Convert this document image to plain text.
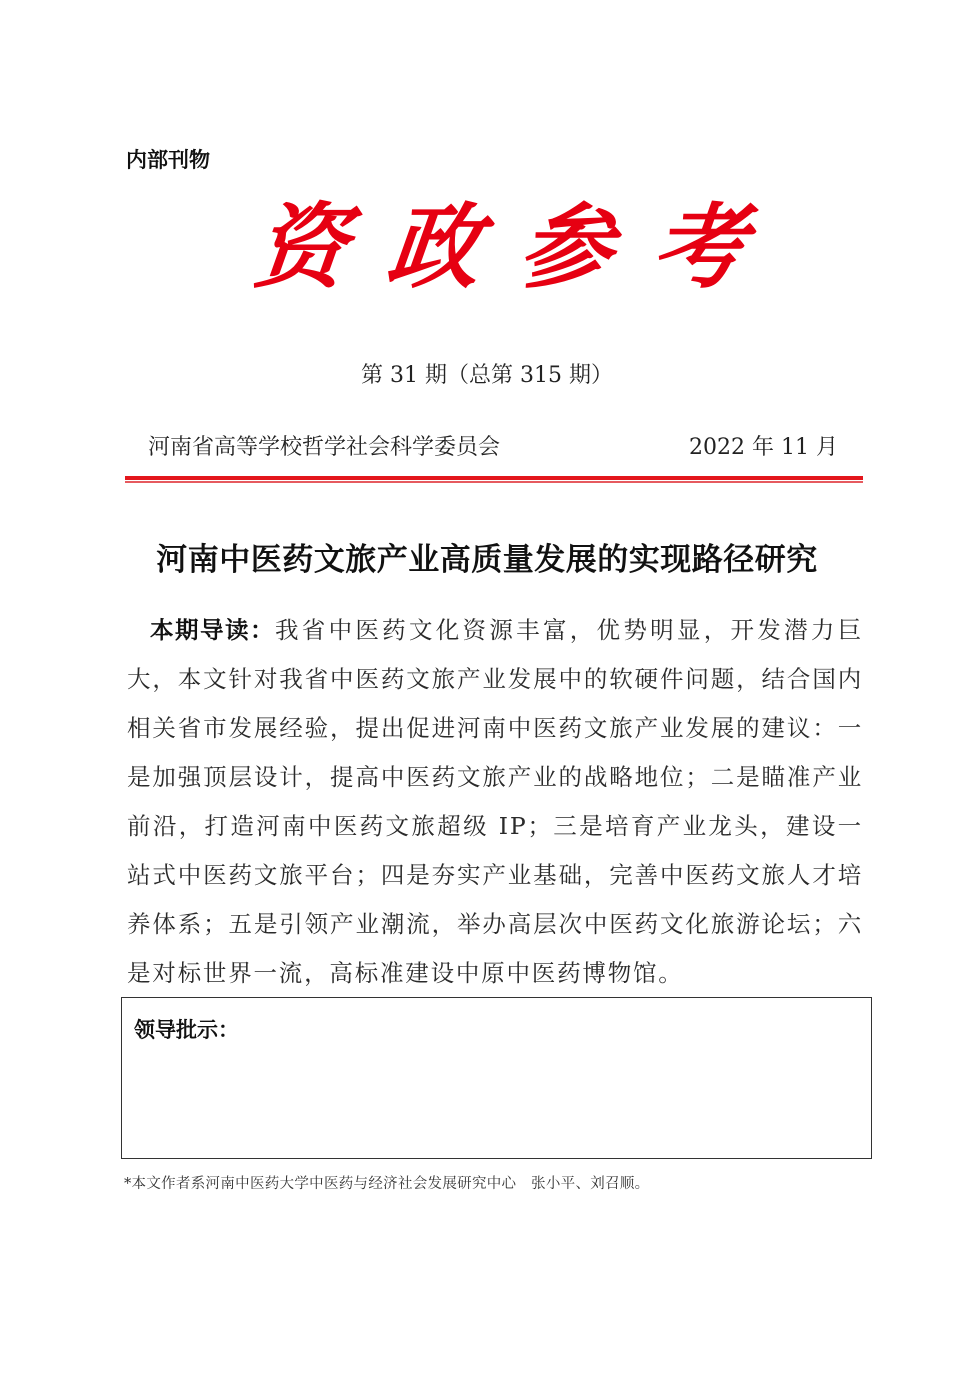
内部刊物
资 政 参 考
第 31 期（总第 315 期）
河南省高等学校哲学社会科学委员会	2022 年 11 月
河南中医药文旅产业高质量发展的实现路径研究
本期导读：我省中医药文化资源丰富，优势明显，开发潜力巨大，本文针对我省中医药文旅产业发展中的软硬件问题，结合国内相关省市发展经验，提出促进河南中医药文旅产业发展的建议：一是加强顶层设计，提高中医药文旅产业的战略地位；二是瞄准产业前沿，打造河南中医药文旅超级 IP；三是培育产业龙头，建设一站式中医药文旅平台；四是夯实产业基础，完善中医药文旅人才培养体系；五是引领产业潮流，举办高层次中医药文化旅游论坛；六是对标世界一流，高标准建设中原中医药博物馆。
领导批示：
*本文作者系河南中医药大学中医药与经济社会发展研究中心   张小平、刘召顺。
